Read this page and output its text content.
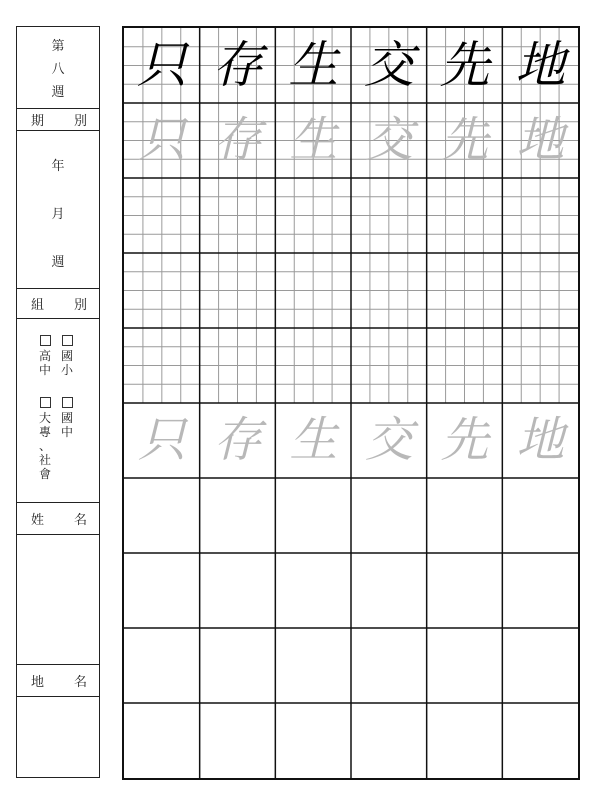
第
八
週
期 別
年
月
週
組 別

高
中

國
小

大
專
、
社
會

國
中
姓 名
地 名
只 存 生 交 先 地
只 存 生 交 先 地
只 存 生 交 先 地
